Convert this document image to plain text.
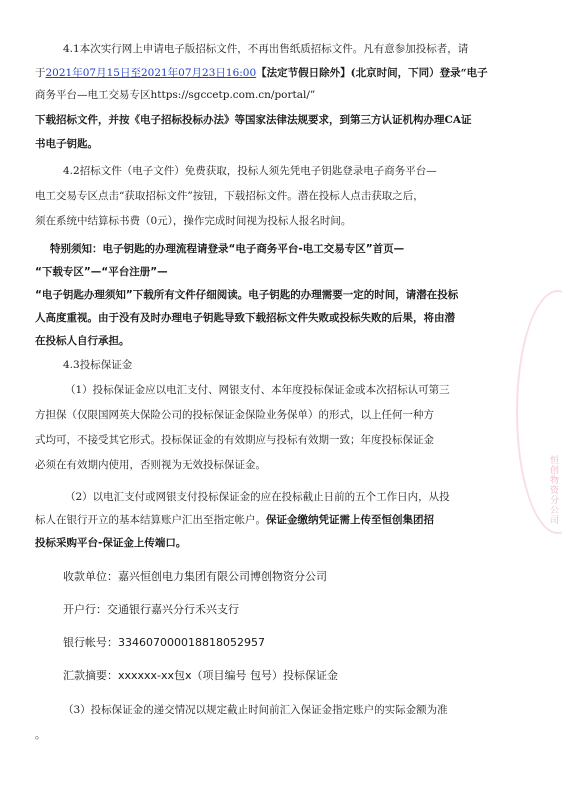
4.1本次实行网上申请电子版招标文件，不再出售纸质招标文件。凡有意参加投标者，请
于2021年07月15日至2021年07月23日16:00【法定节假日除外】(北京时间，下同）登录“电子
商务平台—电工交易专区https://sgccetp.com.cn/portal/”
下载招标文件，并按《电子招标投标办法》等国家法律法规要求，到第三方认证机构办理CA证
书电子钥匙。
4.2招标文件（电子文件）免费获取，投标人须先凭电子钥匙登录电子商务平台—
电工交易专区点击“获取招标文件”按钮，下载招标文件。潜在投标人点击获取之后，
须在系统中结算标书费（0元），操作完成时间视为投标人报名时间。
特别须知：电子钥匙的办理流程请登录“电子商务平台-电工交易专区”首页—
“下载专区”—“平台注册”—
“电子钥匙办理须知”下载所有文件仔细阅读。电子钥匙的办理需要一定的时间，请潜在投标
人高度重视。由于没有及时办理电子钥匙导致下载招标文件失败或投标失败的后果，将由潜
在投标人自行承担。
4.3投标保证金
（1）投标保证金应以电汇支付、网银支付、本年度投标保证金或本次招标认可第三
方担保（仅限国网英大保险公司的投标保证金保险业务保单）的形式，以上任何一种方
式均可，不接受其它形式。投标保证金的有效期应与投标有效期一致；年度投标保证金
必须在有效期内使用，否则视为无效投标保证金。
（2）以电汇支付或网银支付投标保证金的应在投标截止日前的五个工作日内，从投
标人在银行开立的基本结算账户汇出至指定帐户。保证金缴纳凭证需上传至恒创集团招
投标采购平台-保证金上传端口。
收款单位：嘉兴恒创电力集团有限公司博创物资分公司
开户行：交通银行嘉兴分行禾兴支行
银行帐号：334607000018818052957
汇款摘要：xxxxxx-xx包x（项目编号 包号）投标保证金
（3）投标保证金的递交情况以规定截止时间前汇入保证金指定账户的实际金额为准
。
恒创物资分公司
